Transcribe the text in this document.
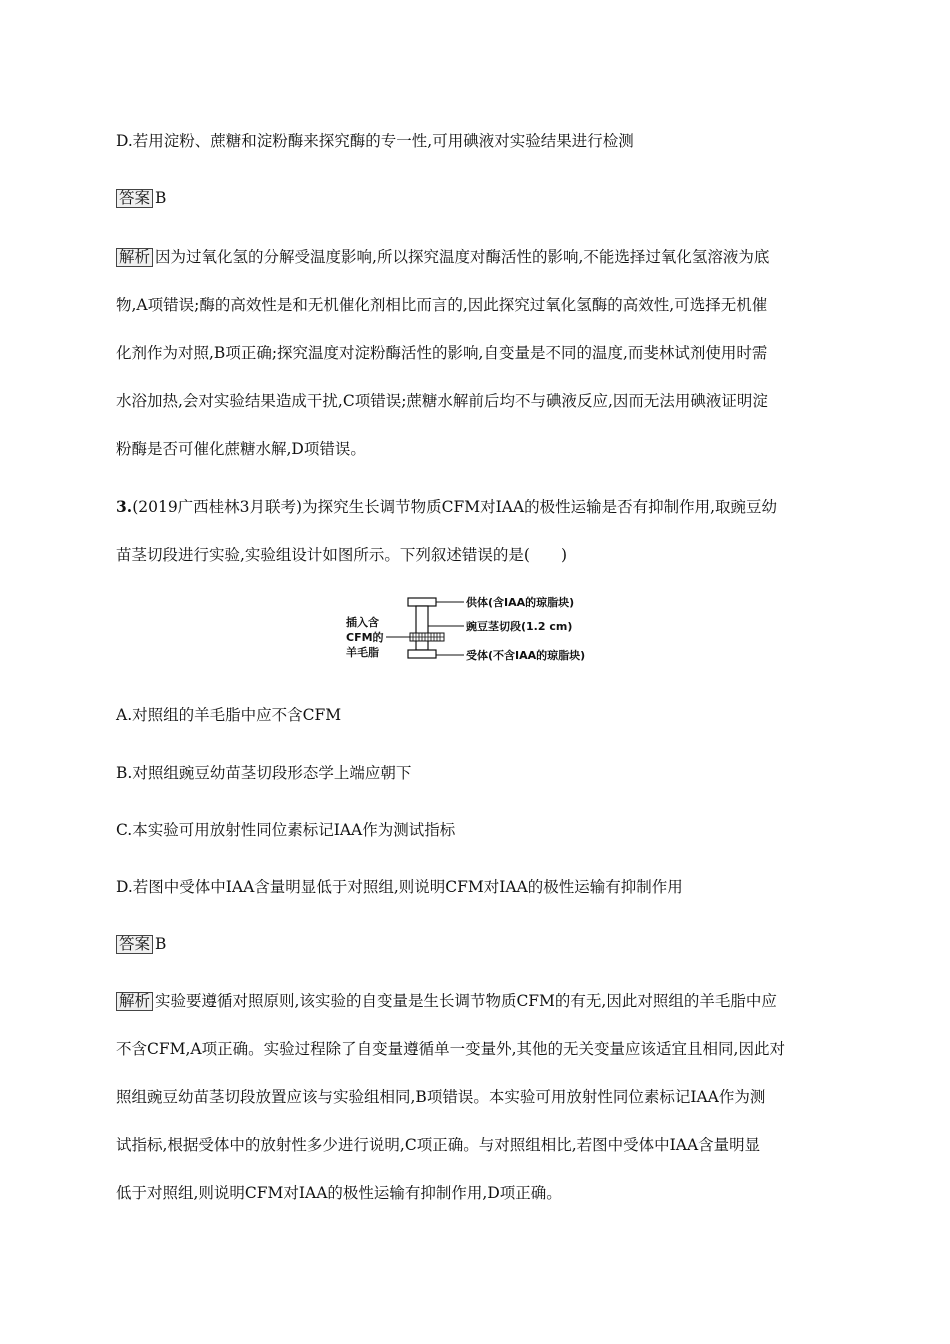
D.若用淀粉、蔗糖和淀粉酶来探究酶的专一性,可用碘液对实验结果进行检测
答案 B
解析 因为过氧化氢的分解受温度影响,所以探究温度对酶活性的影响,不能选择过氧化氢溶液为底
物,A项错误;酶的高效性是和无机催化剂相比而言的,因此探究过氧化氢酶的高效性,可选择无机催
化剂作为对照,B项正确;探究温度对淀粉酶活性的影响,自变量是不同的温度,而斐林试剂使用时需
水浴加热,会对实验结果造成干扰,C项错误;蔗糖水解前后均不与碘液反应,因而无法用碘液证明淀
粉酶是否可催化蔗糖水解,D项错误。
3.(2019广西桂林3月联考)为探究生长调节物质CFM对IAA的极性运输是否有抑制作用,取豌豆幼
苗茎切段进行实验,实验组设计如图所示。下列叙述错误的是(　　)
插入含
CFM的
羊毛脂
供体(含IAA的琼脂块)
豌豆茎切段(1.2 cm)
受体(不含IAA的琼脂块)
A.对照组的羊毛脂中应不含CFM
B.对照组豌豆幼苗茎切段形态学上端应朝下
C.本实验可用放射性同位素标记IAA作为测试指标
D.若图中受体中IAA含量明显低于对照组,则说明CFM对IAA的极性运输有抑制作用
答案 B
解析 实验要遵循对照原则,该实验的自变量是生长调节物质CFM的有无,因此对照组的羊毛脂中应
不含CFM,A项正确。实验过程除了自变量遵循单一变量外,其他的无关变量应该适宜且相同,因此对
照组豌豆幼苗茎切段放置应该与实验组相同,B项错误。本实验可用放射性同位素标记IAA作为测
试指标,根据受体中的放射性多少进行说明,C项正确。与对照组相比,若图中受体中IAA含量明显
低于对照组,则说明CFM对IAA的极性运输有抑制作用,D项正确。
